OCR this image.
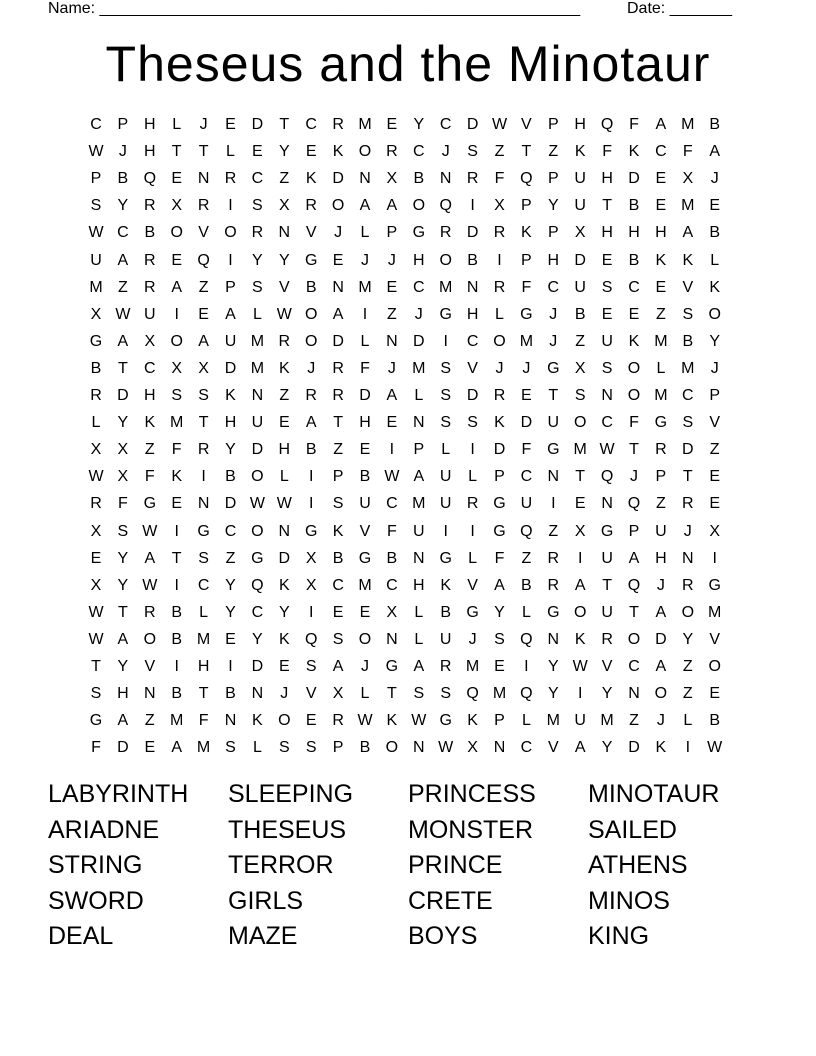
Name: ______________________________________________________	Date: _______
Theseus and the Minotaur
C P H	L	J	E D	T	C R M E	Y C D W V	P H Q F	A M B
W J	H	T	T	L	E	Y	E	K O R C	J	S	Z	T	Z	K	F	K C	F	A
P	B Q E N R C	Z	K D N X	B N R	F Q P U H D E	X	J
S	Y R X R	I	S	X R O A	A O Q	I	X	P	Y U	T	B	E M E
W C B O V O R N V	J	L	P G R D R K	P	X H H H A	B
U A R E Q	I	Y	Y G E	J	J	H O B	I	P H D E	B	K	K	L
M Z	R A	Z	P	S	V	B N M E C M N R	F	C U S C E	V	K
X W U	I	E	A	L W O A	I	Z	J	G H	L	G	J	B	E	E	Z	S O
G A	X O A U M R O D	L	N D	I	C O M	J	Z	U K M B	Y
B	T	C X	X D M K	J	R	F	J	M S	V	J	J	G X	S O	L M	J
R D H S	S	K N	Z	R R D A	L	S D R E	T	S N O M C P
L	Y	K M T	H U E	A	T	H E N S	S	K D U O C	F G S	V
X	X	Z	F	R Y D H B	Z	E	I	P	L	I	D	F G M W T	R D	Z
W X	F	K	I	B O	L	I	P	B W A U	L	P C N	T Q	J	P	T	E
R	F G E N D W W	I	S U C M U R G U	I	E N Q Z	R E
X	S W	I	G C O N G K	V	F	U	I	I	G Q Z	X G P U	J	X
E	Y	A	T	S	Z G D X	B G B N G	L	F	Z	R	I	U A H N	I
X	Y W	I	C Y Q K	X C M C H K	V	A	B R A	T Q	J	R G
W T	R B	L	Y C Y	I	E	E	X	L	B G Y	L	G O U	T	A O M
W A O B M E	Y	K Q S O N	L	U	J	S Q N K R O D Y	V
T	Y	V	I	H	I	D E	S	A	J	G A R M E	I	Y W V C A	Z O
S H N B	T	B N	J	V	X	L	T	S	S Q M Q Y	I	Y N O Z	E
G A	Z M F	N K O E R W K W G K	P	L M U M Z	J	L	B
F	D E	A M S	L	S	S	P	B O N W X N C V	A	Y D K	I	W
LABYRINTH SLEEPING PRINCESS MINOTAUR
ARIADNE	THESEUS MONSTER SAILED
STRING	TERROR	PRINCE	ATHENS
SWORD	GIRLS	CRETE	MINOS
DEAL	MAZE	BOYS	KING
